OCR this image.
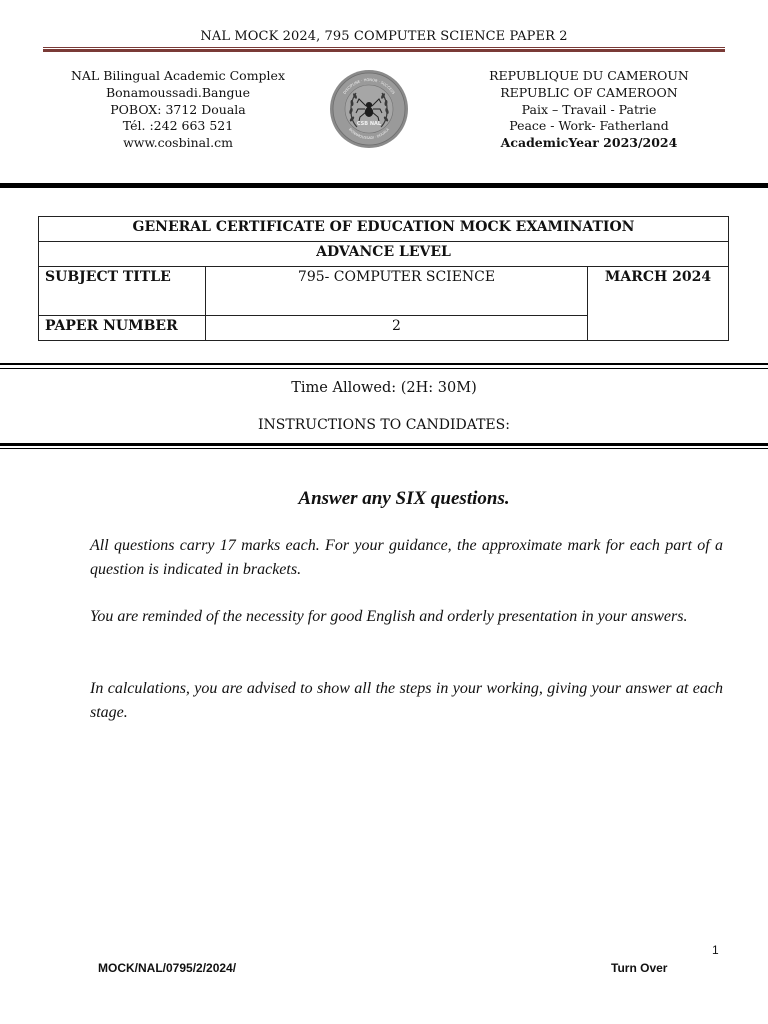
NAL MOCK 2024, 795 COMPUTER SCIENCE PAPER 2
NAL Bilingual Academic Complex
Bonamoussadi.Bangue
POBOX: 3712 Douala
Tél. :242 663 521
www.cosbinal.cm
CSB NAL
DISCIPLINE · HONOR · SUCCESS
BONAMOUSSADI · DOUALA
REPUBLIQUE DU CAMEROUN
REPUBLIC OF CAMEROON
Paix – Travail - Patrie
Peace - Work- Fatherland
AcademicYear 2023/2024
GENERAL CERTIFICATE OF EDUCATION MOCK EXAMINATION		
ADVANCE LEVEL		
SUBJECT TITLE	795- COMPUTER SCIENCE	MARCH 2024
PAPER NUMBER	2	
Time Allowed: (2H: 30M)
INSTRUCTIONS TO CANDIDATES:
Answer any SIX questions.

All questions carry 17 marks each. For your guidance, the approximate mark for each part of a question is indicated in brackets.

You are reminded of the necessity for good English and orderly presentation in your answers.

In calculations, you are advised to show all the steps in your working, giving your answer at each stage.

1
MOCK/NAL/0795/2/2024/	Turn Over
